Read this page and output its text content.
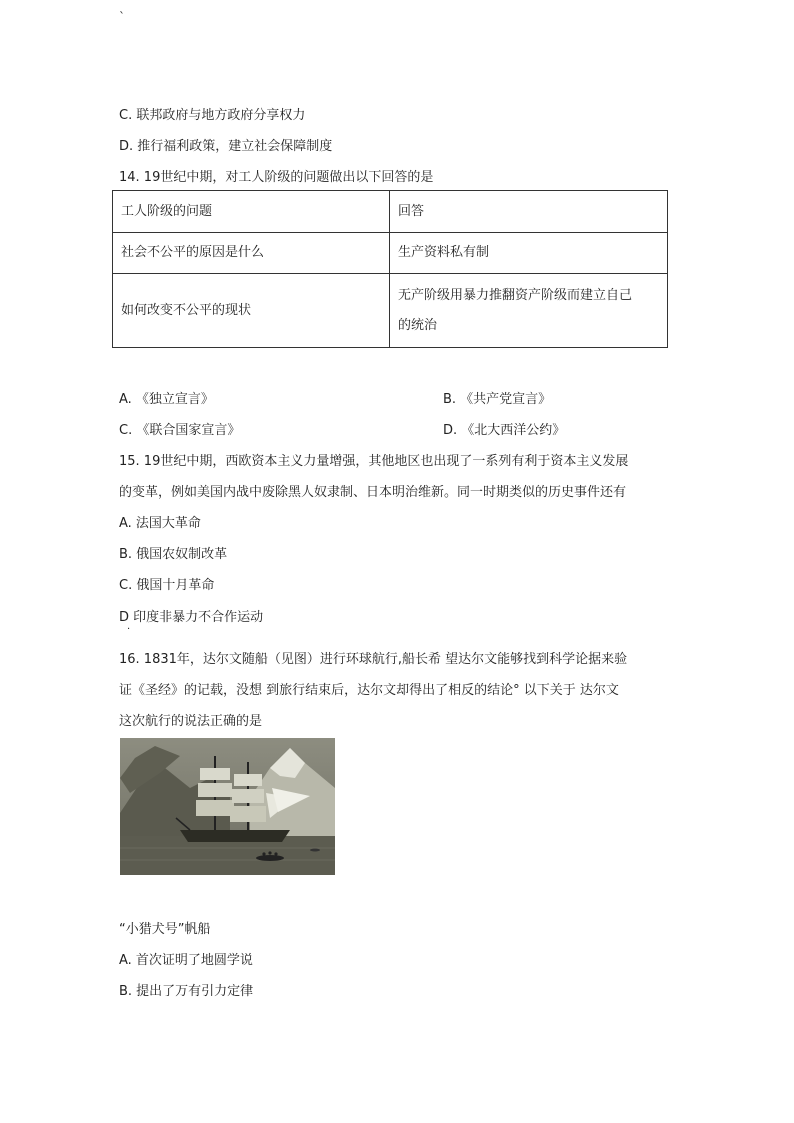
`
C. 联邦政府与地方政府分享权力
D. 推行福利政策，建立社会保障制度
14. 19世纪中期，对工人阶级的问题做出以下回答的是
工人阶级的问题	回答
社会不公平的原因是什么	生产资料私有制
如何改变不公平的现状	无产阶级用暴力推翻资产阶级而建立自己
的统治
A. 《独立宣言》	B. 《共产党宣言》
C. 《联合国家宣言》	D. 《北大西洋公约》
15. 19世纪中期，西欧资本主义力量增强，其他地区也出现了一系列有利于资本主义发展
的变革，例如美国内战中废除黑人奴隶制、日本明治维新。同一时期类似的历史事件还有
A. 法国大革命
B. 俄国农奴制改革
C. 俄国十月革命
D 印度非暴力不合作运动
·
16. 1831年，达尔文随船（见图）进行环球航行,船长希 望达尔文能够找到科学论据来验
证《圣经》的记载，没想 到旅行结束后，达尔文却得出了相反的结论° 以下关于 达尔文
这次航行的说法正确的是
“小猎犬号”帆船
A. 首次证明了地圆学说
B. 提出了万有引力定律
